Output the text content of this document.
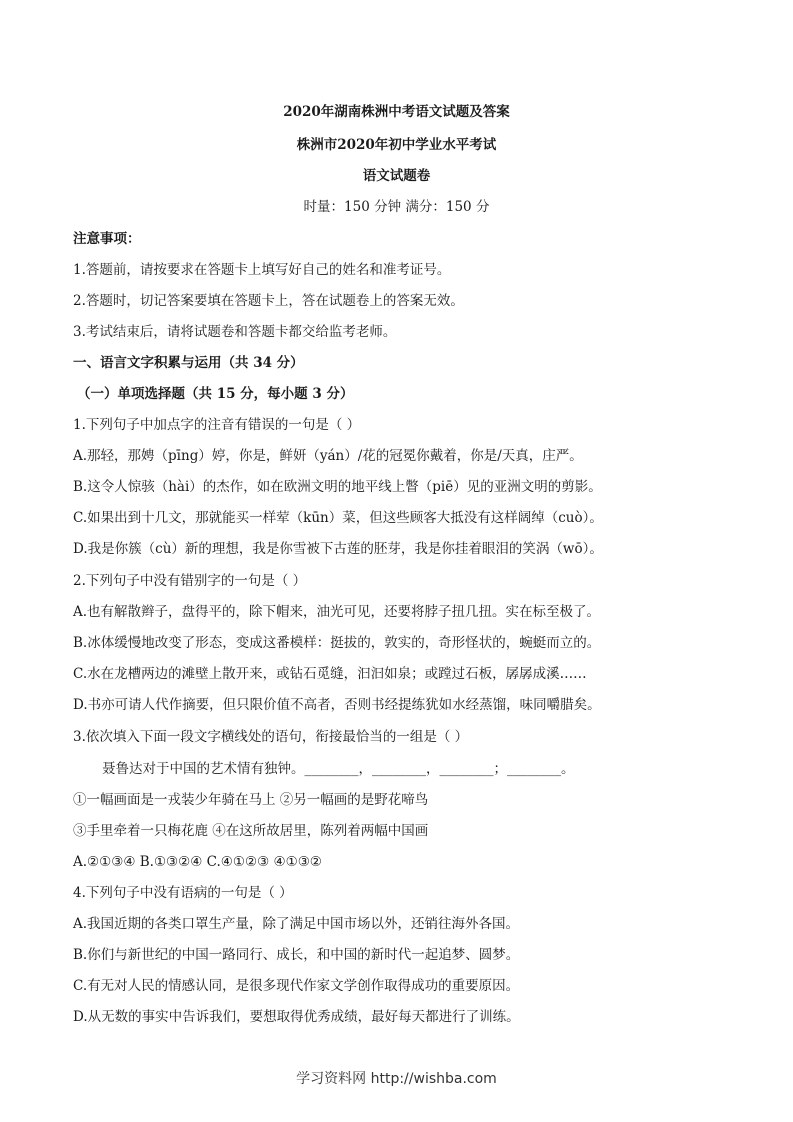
2020年湖南株洲中考语文试题及答案
株洲市2020年初中学业水平考试
语文试题卷
时量：150 分钟 满分：150 分
注意事项：
1.答题前，请按要求在答题卡上填写好自己的姓名和准考证号。
2.答题时，切记答案要填在答题卡上，答在试题卷上的答案无效。
3.考试结束后，请将试题卷和答题卡都交给监考老师。
一、语言文字积累与运用（共 34 分）
（一）单项选择题（共 15 分，每小题 3 分）
1.下列句子中加点字的注音有错误的一句是（ ）
A.那轻，那娉（pīng）婷，你是，鲜妍（yán）/花的冠冕你戴着，你是/天真，庄严。
B.这令人惊骇（hài）的杰作，如在欧洲文明的地平线上瞥（piē）见的亚洲文明的剪影。
C.如果出到十几文，那就能买一样荤（kūn）菜，但这些顾客大抵没有这样阔绰（cuò）。
D.我是你簇（cù）新的理想，我是你雪被下古莲的胚芽，我是你挂着眼泪的笑涡（wō）。
2.下列句子中没有错别字的一句是（ ）
A.也有解散辫子，盘得平的，除下帽来，油光可见，还要将脖子扭几扭。实在标至极了。
B.冰体缓慢地改变了形态，变成这番模样：挺拔的，敦实的，奇形怪状的，蜿蜓而立的。
C.水在龙槽两边的滩壁上散开来，或钻石觅缝，汩汩如泉；或蹚过石板，孱孱成溪……
D.书亦可请人代作摘要，但只限价值不高者，否则书经提练犹如水经蒸馏，味同嚼腊矣。
3.依次填入下面一段文字横线处的语句，衔接最恰当的一组是（ ）
聂鲁达对于中国的艺术情有独钟。________，________，________；________。
①一幅画面是一戎装少年骑在马上 ②另一幅画的是野花啼鸟
③手里牵着一只梅花鹿 ④在这所故居里，陈列着两幅中国画
A.②①③④ B.①③②④ C.④①②③ ④①③②
4.下列句子中没有语病的一句是（ ）
A.我国近期的各类口罩生产量，除了满足中国市场以外，还销往海外各国。
B.你们与新世纪的中国一路同行、成长，和中国的新时代一起追梦、圆梦。
C.有无对人民的情感认同，是很多现代作家文学创作取得成功的重要原因。
D.从无数的事实中告诉我们，要想取得优秀成绩，最好每天都进行了训练。
学习资料网 http://wishba.com
